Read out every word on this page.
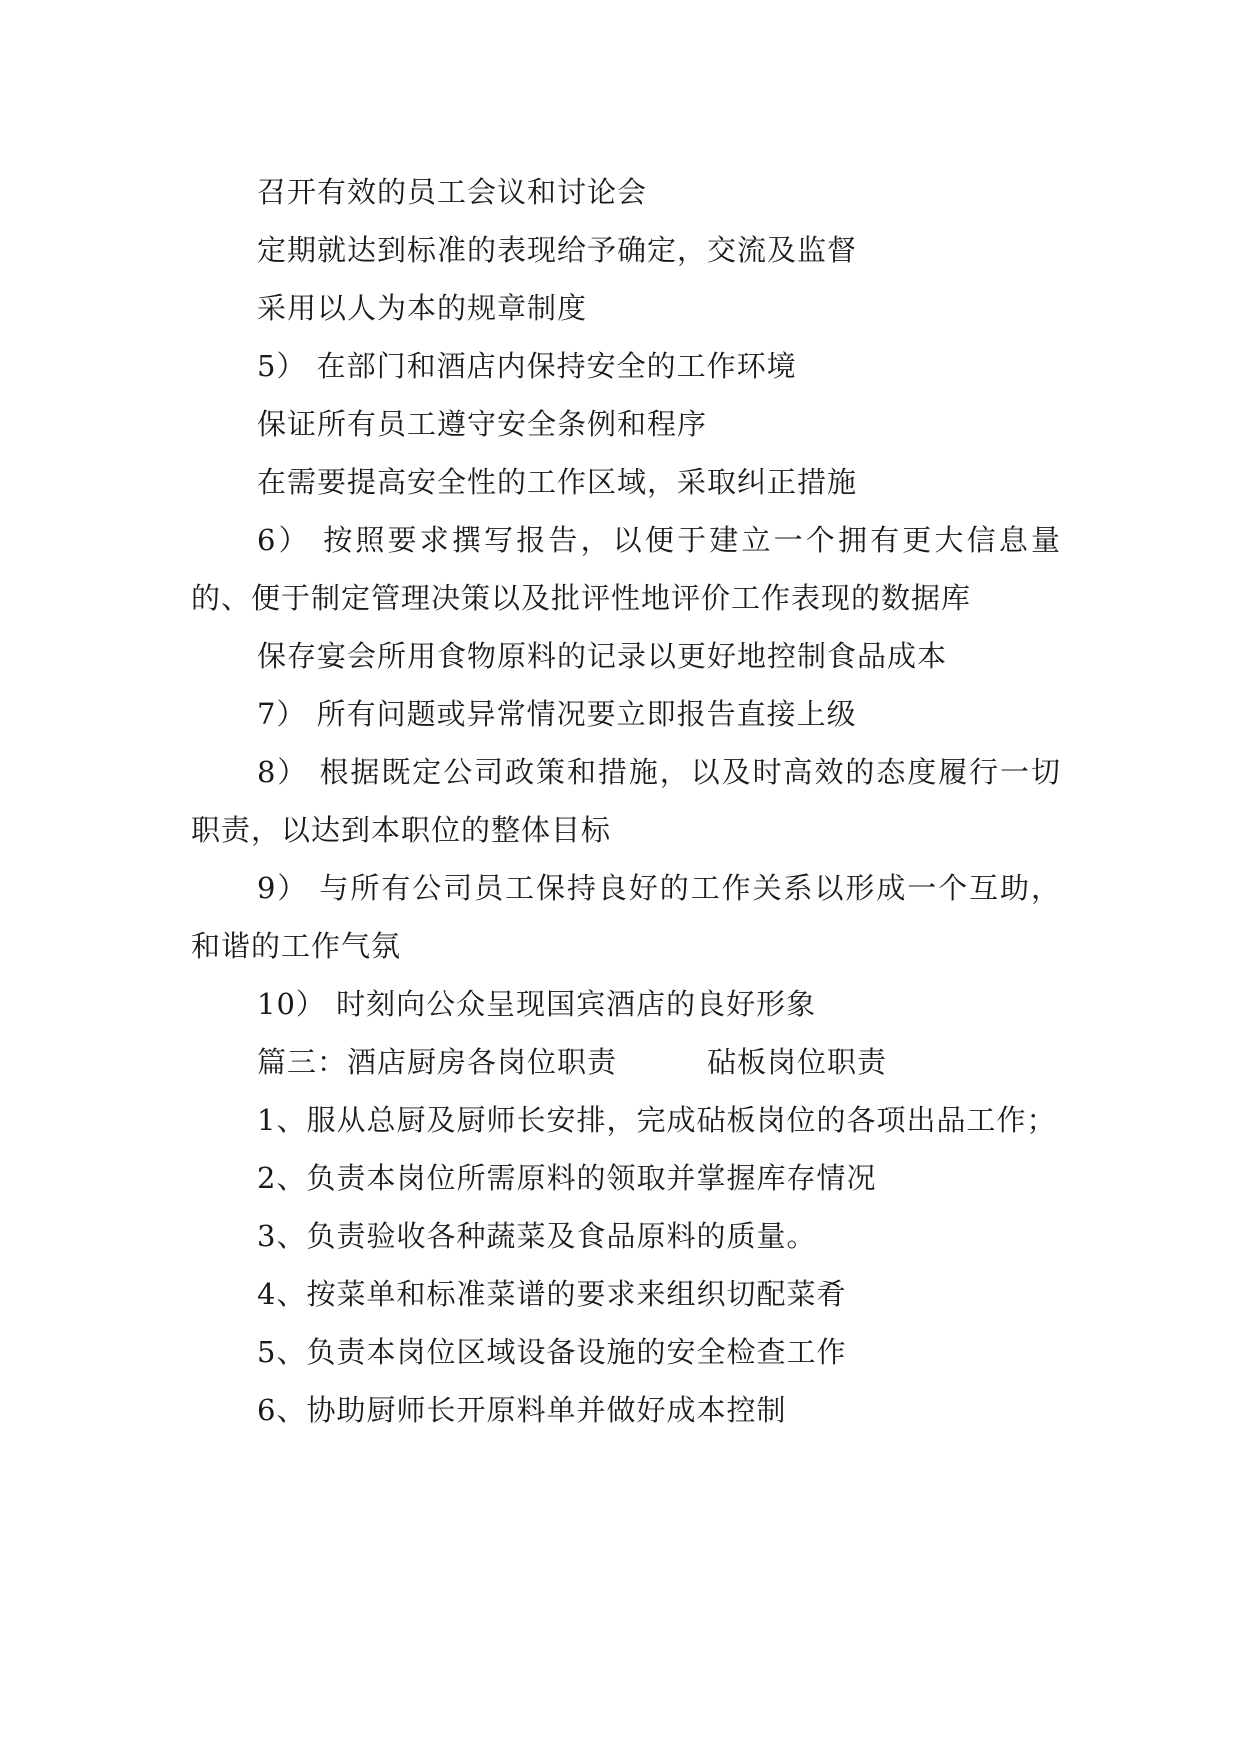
召开有效的员工会议和讨论会

定期就达到标准的表现给予确定，交流及监督

采用以人为本的规章制度

5） 在部门和酒店内保持安全的工作环境

保证所有员工遵守安全条例和程序

在需要提高安全性的工作区域，采取纠正措施

6） 按照要求撰写报告，以便于建立一个拥有更大信息量的、便于制定管理决策以及批评性地评价工作表现的数据库

保存宴会所用食物原料的记录以更好地控制食品成本

7） 所有问题或异常情况要立即报告直接上级

8） 根据既定公司政策和措施，以及时高效的态度履行一切职责，以达到本职位的整体目标

9） 与所有公司员工保持良好的工作关系以形成一个互助，和谐的工作气氛

10） 时刻向公众呈现国宾酒店的良好形象

篇三：酒店厨房各岗位职责　　　砧板岗位职责

1、服从总厨及厨师长安排，完成砧板岗位的各项出品工作；

2、负责本岗位所需原料的领取并掌握库存情况

3、负责验收各种蔬菜及食品原料的质量。

4、按菜单和标准菜谱的要求来组织切配菜肴

5、负责本岗位区域设备设施的安全检查工作

6、协助厨师长开原料单并做好成本控制
